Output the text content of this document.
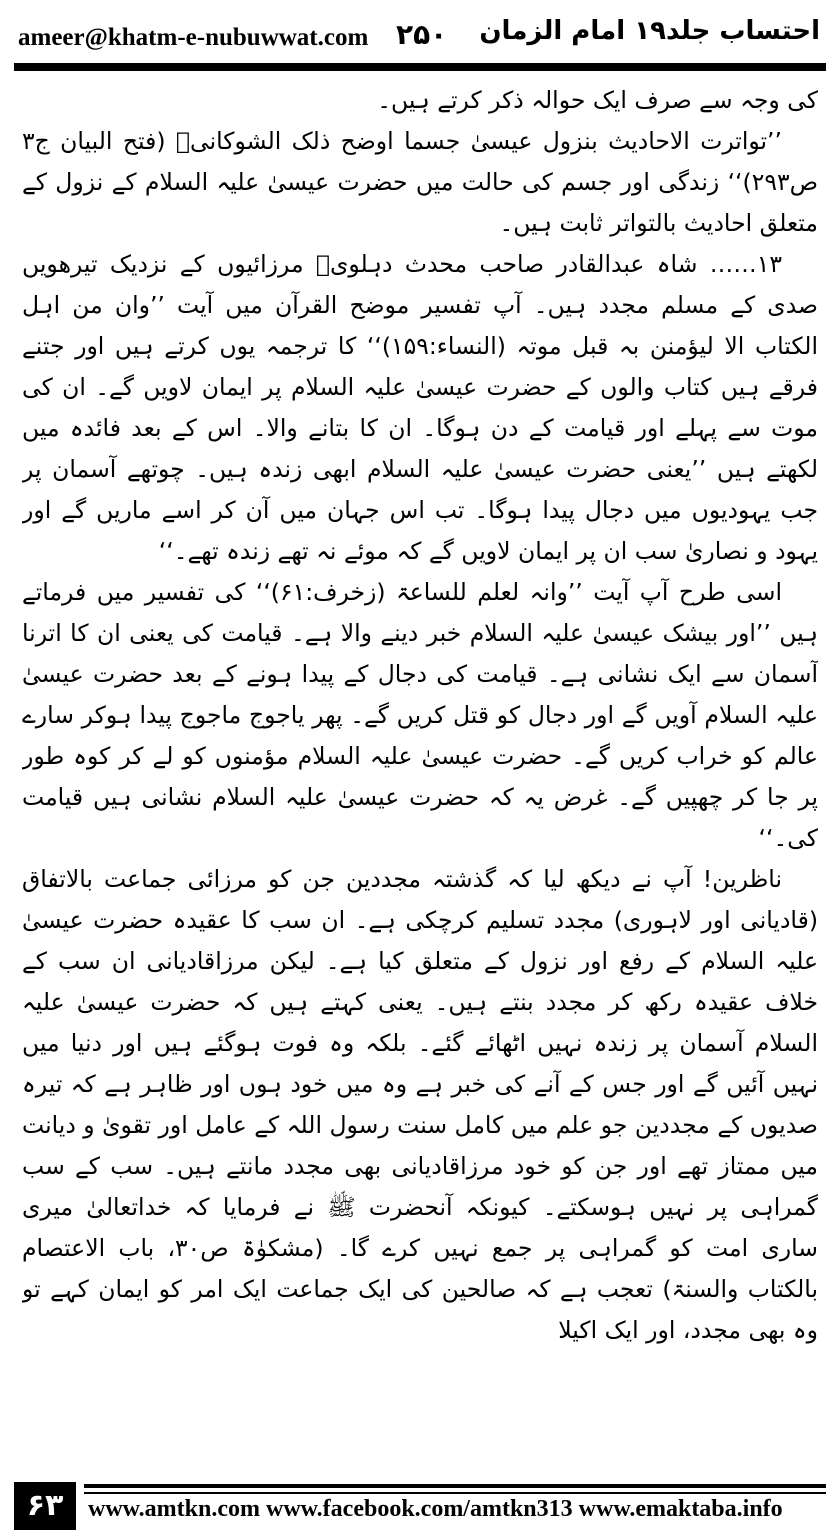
ameer@khatm-e-nubuwwat.com ۲۵۰ احتساب جلد۱۹ امام الزمان

کی وجہ سے صرف ایک حوالہ ذکر کرتے ہیں۔

’’تواترت الاحادیث بنزول عیسیٰ جسما اوضح ذلک الشوکانیؒ (فتح البیان ج۳ ص۲۹۳)‘‘ زندگی اور جسم کی حالت میں حضرت عیسیٰ علیہ السلام کے نزول کے متعلق احادیث بالتواتر ثابت ہیں۔

۱۳…… شاہ عبدالقادر صاحب محدث دہلویؒ مرزائیوں کے نزدیک تیرھویں صدی کے مسلم مجدد ہیں۔ آپ تفسیر موضح القرآن میں آیت ’’وان من اہل الکتاب الا لیؤمنن بہ قبل موتہ (النساء:۱۵۹)‘‘ کا ترجمہ یوں کرتے ہیں اور جتنے فرقے ہیں کتاب والوں کے حضرت عیسیٰ علیہ السلام پر ایمان لاویں گے۔ ان کی موت سے پہلے اور قیامت کے دن ہوگا۔ ان کا بتانے والا۔ اس کے بعد فائدہ میں لکھتے ہیں ’’یعنی حضرت عیسیٰ علیہ السلام ابھی زندہ ہیں۔ چوتھے آسمان پر جب یہودیوں میں دجال پیدا ہوگا۔ تب اس جہان میں آن کر اسے ماریں گے اور یہود و نصاریٰ سب ان پر ایمان لاویں گے کہ موئے نہ تھے زندہ تھے۔‘‘

اسی طرح آپ آیت ’’وانہ لعلم للساعۃ (زخرف:۶۱)‘‘ کی تفسیر میں فرماتے ہیں ’’اور بیشک عیسیٰ علیہ السلام خبر دینے والا ہے۔ قیامت کی یعنی ان کا اترنا آسمان سے ایک نشانی ہے۔ قیامت کی دجال کے پیدا ہونے کے بعد حضرت عیسیٰ علیہ السلام آویں گے اور دجال کو قتل کریں گے۔ پھر یاجوج ماجوج پیدا ہوکر سارے عالم کو خراب کریں گے۔ حضرت عیسیٰ علیہ السلام مؤمنوں کو لے کر کوہ طور پر جا کر چھپیں گے۔ غرض یہ کہ حضرت عیسیٰ علیہ السلام نشانی ہیں قیامت کی۔‘‘

ناظرین! آپ نے دیکھ لیا کہ گذشتہ مجددین جن کو مرزائی جماعت بالاتفاق (قادیانی اور لاہوری) مجدد تسلیم کرچکی ہے۔ ان سب کا عقیدہ حضرت عیسیٰ علیہ السلام کے رفع اور نزول کے متعلق کیا ہے۔ لیکن مرزاقادیانی ان سب کے خلاف عقیدہ رکھ کر مجدد بنتے ہیں۔ یعنی کہتے ہیں کہ حضرت عیسیٰ علیہ السلام آسمان پر زندہ نہیں اٹھائے گئے۔ بلکہ وہ فوت ہوگئے ہیں اور دنیا میں نہیں آئیں گے اور جس کے آنے کی خبر ہے وہ میں خود ہوں اور ظاہر ہے کہ تیرہ صدیوں کے مجددین جو علم میں کامل سنت رسول اللہ کے عامل اور تقویٰ و دیانت میں ممتاز تھے اور جن کو خود مرزاقادیانی بھی مجدد مانتے ہیں۔ سب کے سب گمراہی پر نہیں ہوسکتے۔ کیونکہ آنحضرت ﷺ نے فرمایا کہ خداتعالیٰ میری ساری امت کو گمراہی پر جمع نہیں کرے گا۔ (مشکوٰۃ ص۳۰، باب الاعتصام بالکتاب والسنۃ) تعجب ہے کہ صالحین کی ایک جماعت ایک امر کو ایمان کہے تو وہ بھی مجدد، اور ایک اکیلا

۶۳	www.amtkn.com www.facebook.com/amtkn313 www.emaktaba.info
